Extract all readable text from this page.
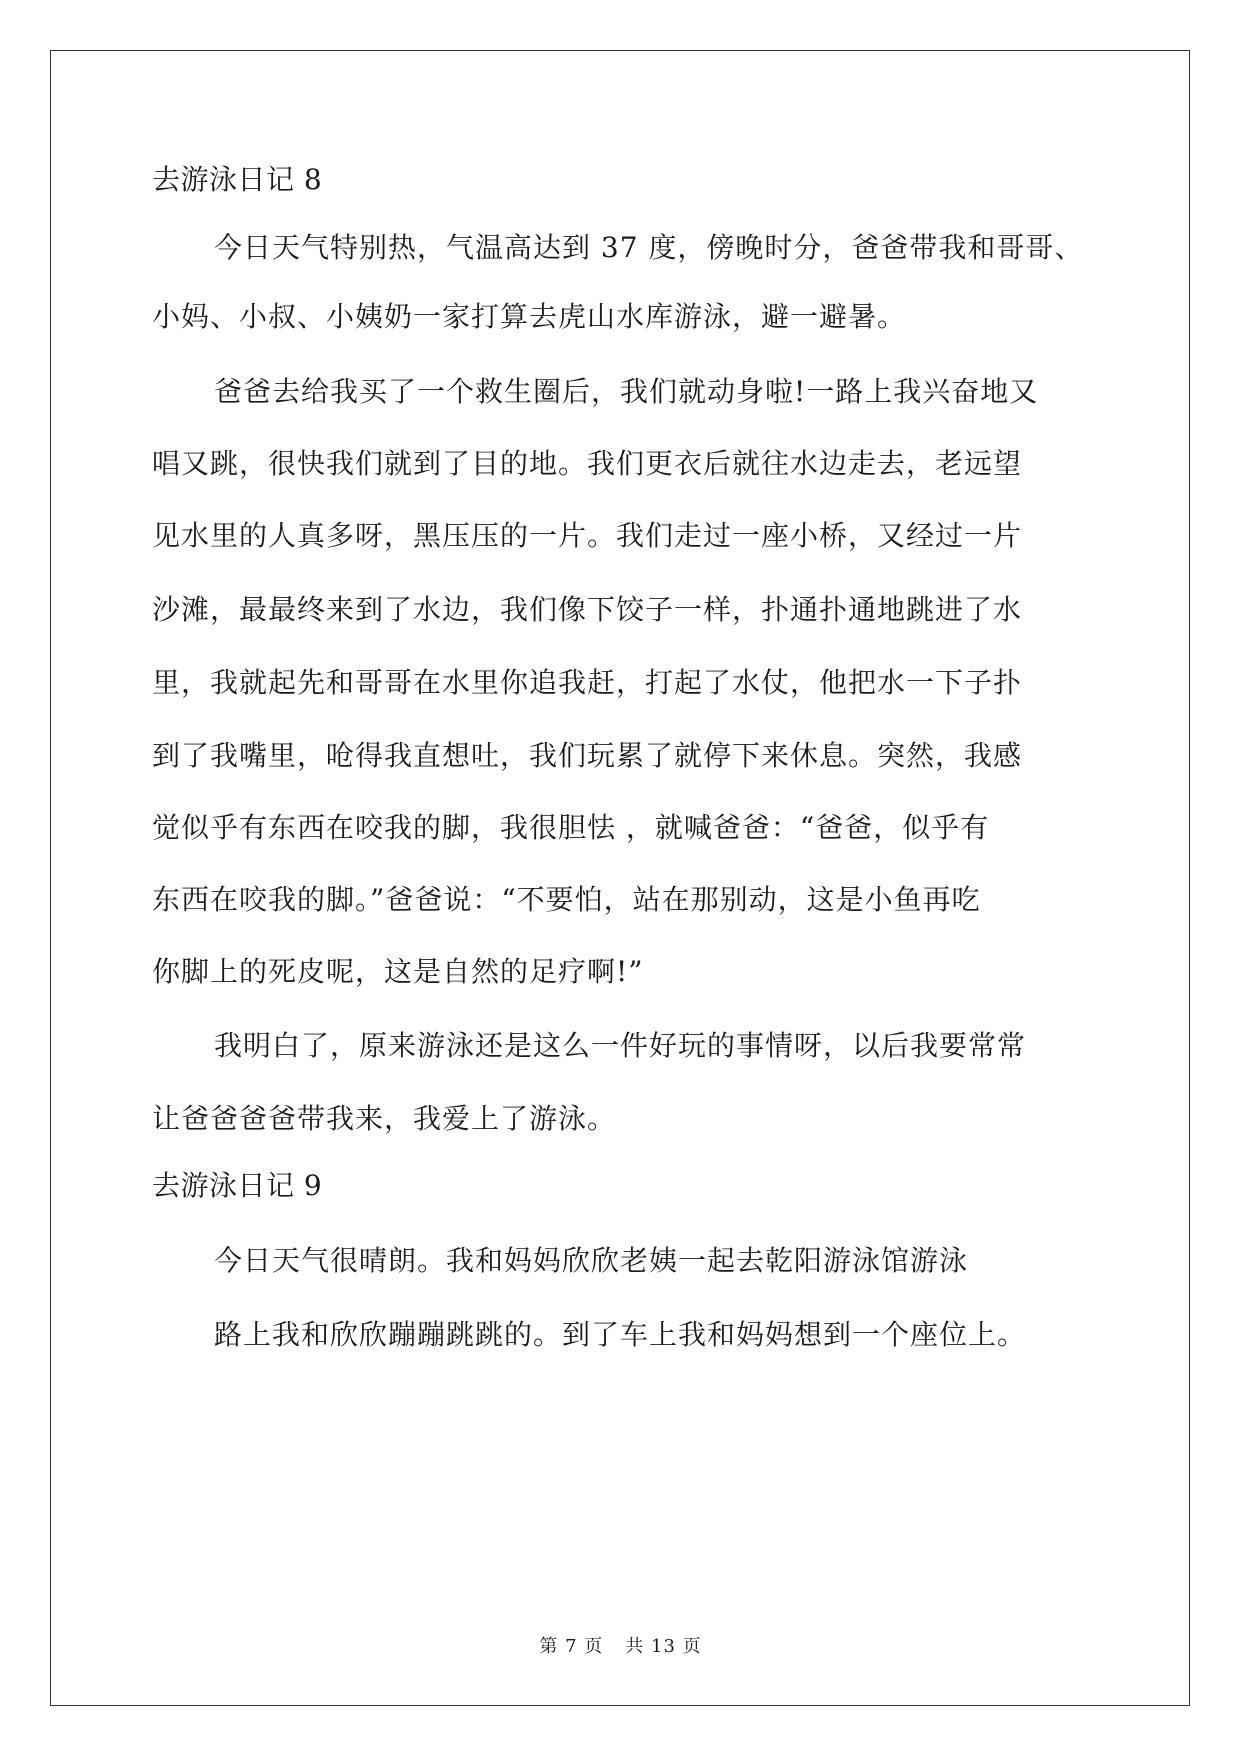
去游泳日记 8
今日天气特别热，气温高达到 37 度，傍晚时分，爸爸带我和哥哥、
小妈、小叔、小姨奶一家打算去虎山水库游泳，避一避暑。
爸爸去给我买了一个救生圈后，我们就动身啦!一路上我兴奋地又
唱又跳，很快我们就到了目的地。我们更衣后就往水边走去，老远望
见水里的人真多呀，黑压压的一片。我们走过一座小桥，又经过一片
沙滩，最最终来到了水边，我们像下饺子一样，扑通扑通地跳进了水
里，我就起先和哥哥在水里你追我赶，打起了水仗，他把水一下子扑
到了我嘴里，呛得我直想吐，我们玩累了就停下来休息。突然，我感
觉似乎有东西在咬我的脚，我很胆怯 ，就喊爸爸：“爸爸，似乎有
东西在咬我的脚。”爸爸说：“不要怕，站在那别动，这是小鱼再吃
你脚上的死皮呢，这是自然的足疗啊!”
我明白了，原来游泳还是这么一件好玩的事情呀，以后我要常常
让爸爸爸爸带我来，我爱上了游泳。
去游泳日记 9
今日天气很晴朗。我和妈妈欣欣老姨一起去乾阳游泳馆游泳
路上我和欣欣蹦蹦跳跳的。到了车上我和妈妈想到一个座位上。
第 7 页 共 13 页
